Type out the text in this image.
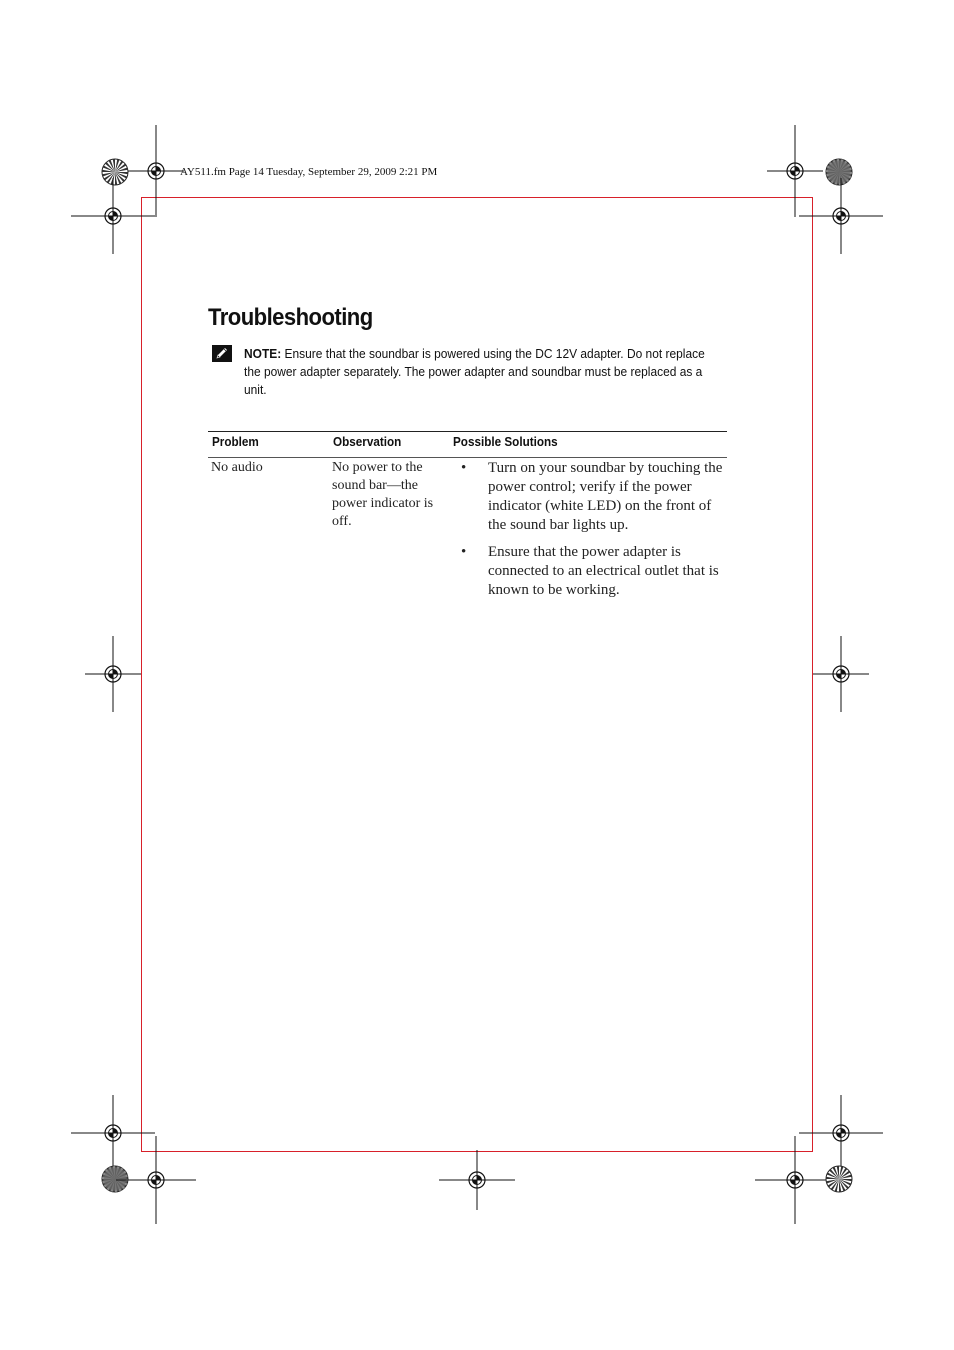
AY511.fm Page 14 Tuesday, September 29, 2009 2:21 PM
Troubleshooting
NOTE: Ensure that the soundbar is powered using the DC 12V adapter. Do not replace the power adapter separately. The power adapter and soundbar must be replaced as a unit.
Problem	Observation	Possible Solutions
No audio	No power to the sound bar—the power indicator is off.
• Turn on your soundbar by touching the power control; verify if the power indicator (white LED) on the front of the sound bar lights up.
• Ensure that the power adapter is connected to an electrical outlet that is known to be working.
